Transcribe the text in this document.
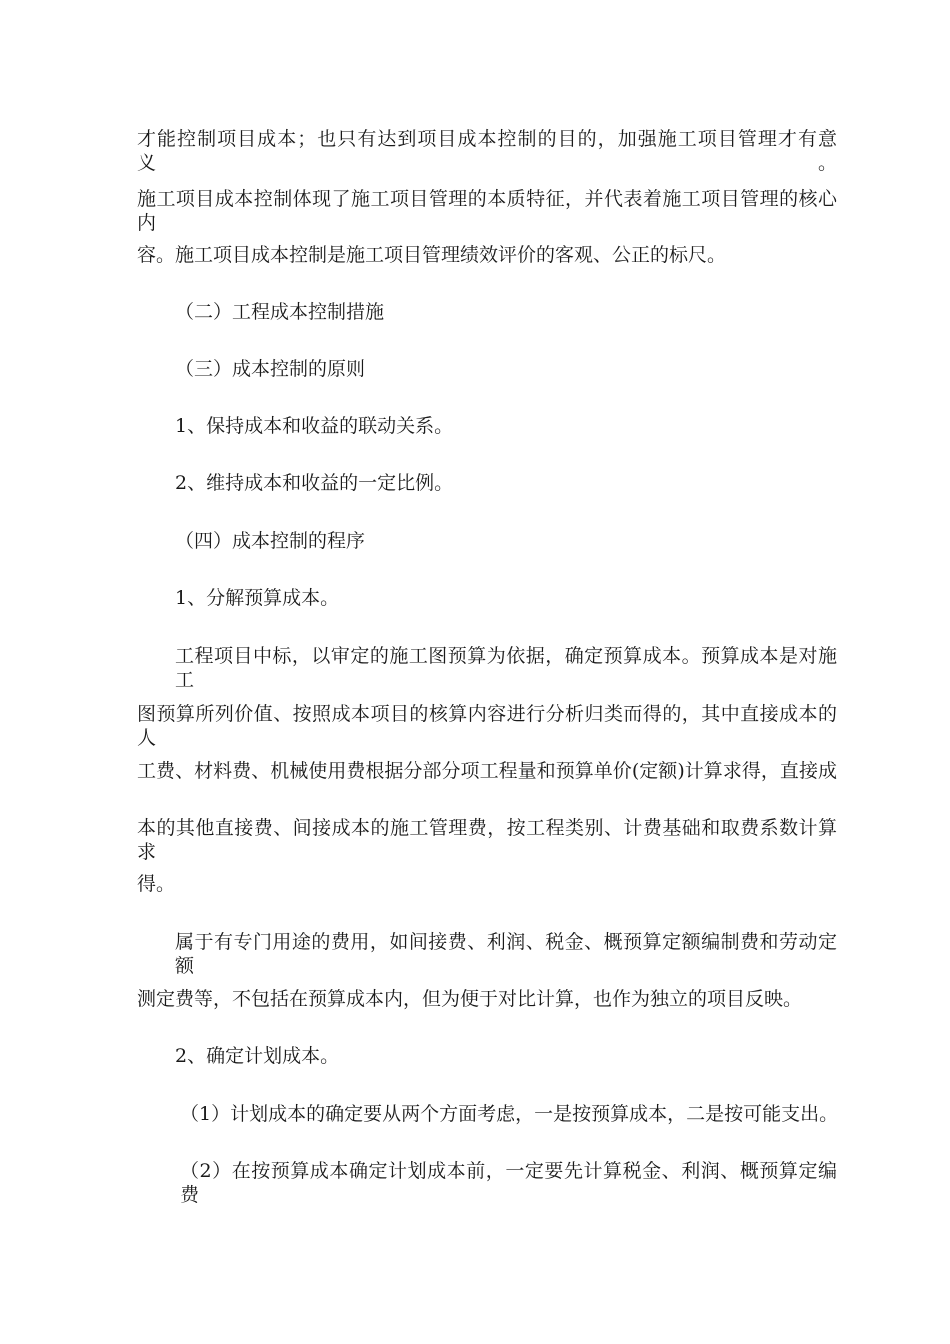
才能控制项目成本；也只有达到项目成本控制的目的，加强施工项目管理才有意义。
施工项目成本控制体现了施工项目管理的本质特征，并代表着施工项目管理的核心内
容。施工项目成本控制是施工项目管理绩效评价的客观、公正的标尺。
（二）工程成本控制措施
（三）成本控制的原则
1、保持成本和收益的联动关系。
2、维持成本和收益的一定比例。
（四）成本控制的程序
1、分解预算成本。
工程项目中标，以审定的施工图预算为依据，确定预算成本。预算成本是对施工
图预算所列价值、按照成本项目的核算内容进行分析归类而得的，其中直接成本的人
工费、材料费、机械使用费根据分部分项工程量和预算单价(定额)计算求得，直接成
本的其他直接费、间接成本的施工管理费，按工程类别、计费基础和取费系数计算求
得。
属于有专门用途的费用，如间接费、利润、税金、概预算定额编制费和劳动定额
测定费等，不包括在预算成本内，但为便于对比计算，也作为独立的项目反映。
2、确定计划成本。
（1）计划成本的确定要从两个方面考虑，一是按预算成本，二是按可能支出。
（2）在按预算成本确定计划成本前，一定要先计算税金、利润、概预算定编费
